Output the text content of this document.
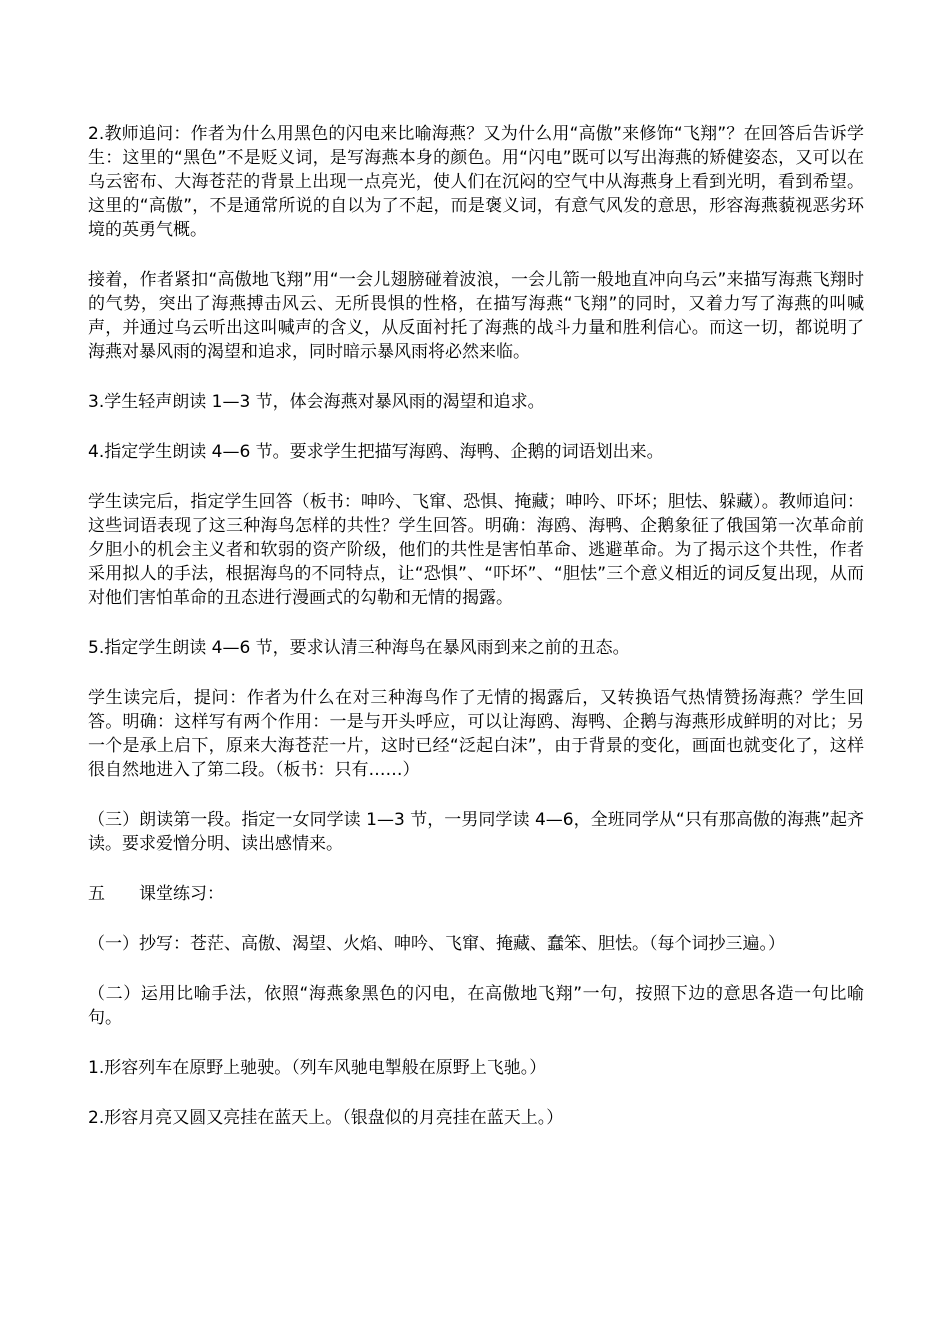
2.教师追问：作者为什么用黑色的闪电来比喻海燕？又为什么用“高傲”来修饰“飞翔”？在回答后告诉学生：这里的“黑色”不是贬义词，是写海燕本身的颜色。用“闪电”既可以写出海燕的矫健姿态，又可以在乌云密布、大海苍茫的背景上出现一点亮光，使人们在沉闷的空气中从海燕身上看到光明，看到希望。这里的“高傲”，不是通常所说的自以为了不起，而是褒义词，有意气风发的意思，形容海燕藐视恶劣环境的英勇气概。

接着，作者紧扣“高傲地飞翔”用“一会儿翅膀碰着波浪，一会儿箭一般地直冲向乌云”来描写海燕飞翔时的气势，突出了海燕搏击风云、无所畏惧的性格，在描写海燕“飞翔”的同时，又着力写了海燕的叫喊声，并通过乌云听出这叫喊声的含义，从反面衬托了海燕的战斗力量和胜利信心。而这一切，都说明了海燕对暴风雨的渴望和追求，同时暗示暴风雨将必然来临。

3.学生轻声朗读 1—3 节，体会海燕对暴风雨的渴望和追求。

4.指定学生朗读 4—6 节。要求学生把描写海鸥、海鸭、企鹅的词语划出来。

学生读完后，指定学生回答（板书：呻吟、飞窜、恐惧、掩藏；呻吟、吓坏；胆怯、躲藏）。教师追问：这些词语表现了这三种海鸟怎样的共性？学生回答。明确：海鸥、海鸭、企鹅象征了俄国第一次革命前夕胆小的机会主义者和软弱的资产阶级，他们的共性是害怕革命、逃避革命。为了揭示这个共性，作者采用拟人的手法，根据海鸟的不同特点，让“恐惧”、“吓坏”、“胆怯”三个意义相近的词反复出现，从而对他们害怕革命的丑态进行漫画式的勾勒和无情的揭露。

5.指定学生朗读 4—6 节，要求认清三种海鸟在暴风雨到来之前的丑态。

学生读完后，提问：作者为什么在对三种海鸟作了无情的揭露后，又转换语气热情赞扬海燕？学生回答。明确：这样写有两个作用：一是与开头呼应，可以让海鸥、海鸭、企鹅与海燕形成鲜明的对比；另一个是承上启下，原来大海苍茫一片，这时已经“泛起白沫”，由于背景的变化，画面也就变化了，这样很自然地进入了第二段。（板书：只有……）

（三）朗读第一段。指定一女同学读 1—3 节，一男同学读 4—6，全班同学从“只有那高傲的海燕”起齐读。要求爱憎分明、读出感情来。

五　　课堂练习：

（一）抄写：苍茫、高傲、渴望、火焰、呻吟、飞窜、掩藏、蠢笨、胆怯。（每个词抄三遍。）

（二）运用比喻手法，依照“海燕象黑色的闪电，在高傲地飞翔”一句，按照下边的意思各造一句比喻句。

1.形容列车在原野上驰驶。（列车风驰电掣般在原野上飞驰。）

2.形容月亮又圆又亮挂在蓝天上。（银盘似的月亮挂在蓝天上。）
